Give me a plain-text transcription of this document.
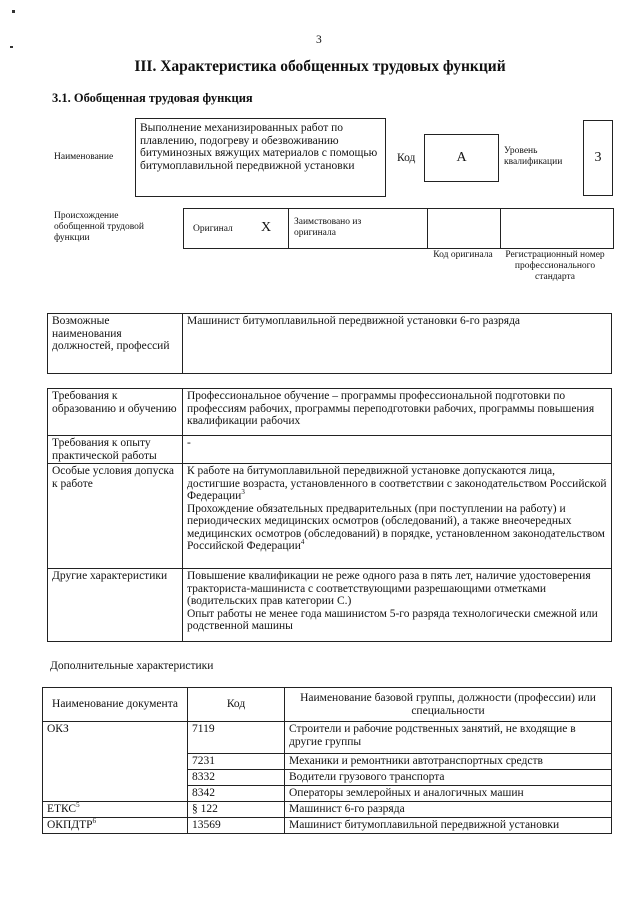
3
III. Характеристика обобщенных трудовых функций
3.1. Обобщенная трудовая функция
Наименование
Выполнение механизированных работ по плавлению, подогреву и обезвоживанию битуминозных вяжущих материалов с помощью битумоплавильной передвижной установки
Код	A	Уровень квалификации	3
Происхождение обобщенной трудовой функции
Оригинал X Заимствовано из оригинала
Код оригинала Регистрационный номер профессионального стандарта
Возможные наименования должностей, профессий	Машинист битумоплавильной передвижной установки 6-го разряда
Требования к образованию и обучению	Профессиональное обучение – программы профессиональной подготовки по профессиям рабочих, программы переподготовки рабочих, программы повышения квалификации рабочих
Требования к опыту практической работы	-
Особые условия допуска к работе	К работе на битумоплавильной передвижной установке допускаются лица, достигшие возраста, установленного в соответствии с законодательством Российской Федерации$^3$
Прохождение обязательных предварительных (при поступлении на работу) и периодических медицинских осмотров (обследований), а также внеочередных медицинских осмотров (обследований) в порядке, установленном законодательством Российской Федерации$^4$

Другие характеристики	Повышение квалификации не реже одного раза в пять лет, наличие удостоверения тракториста-машиниста с соответствующими разрешающими отметками (водительских прав категории C.)
Опыт работы не менее года машинистом 5-го разряда технологически смежной или родственной машины
Дополнительные характеристики
Наименование документа	Код	Наименование базовой группы, должности (профессии) или специальности
ОКЗ	7119	Строители и рабочие родственных занятий, не входящие в другие группы
	7231	Механики и ремонтники автотранспортных средств
	8332	Водители грузового транспорта
	8342	Операторы землеройных и аналогичных машин
ЕТКС$^5$	§ 122	Машинист 6-го разряда
ОКПДТР$^6$	13569	Машинист битумоплавильной передвижной установки
